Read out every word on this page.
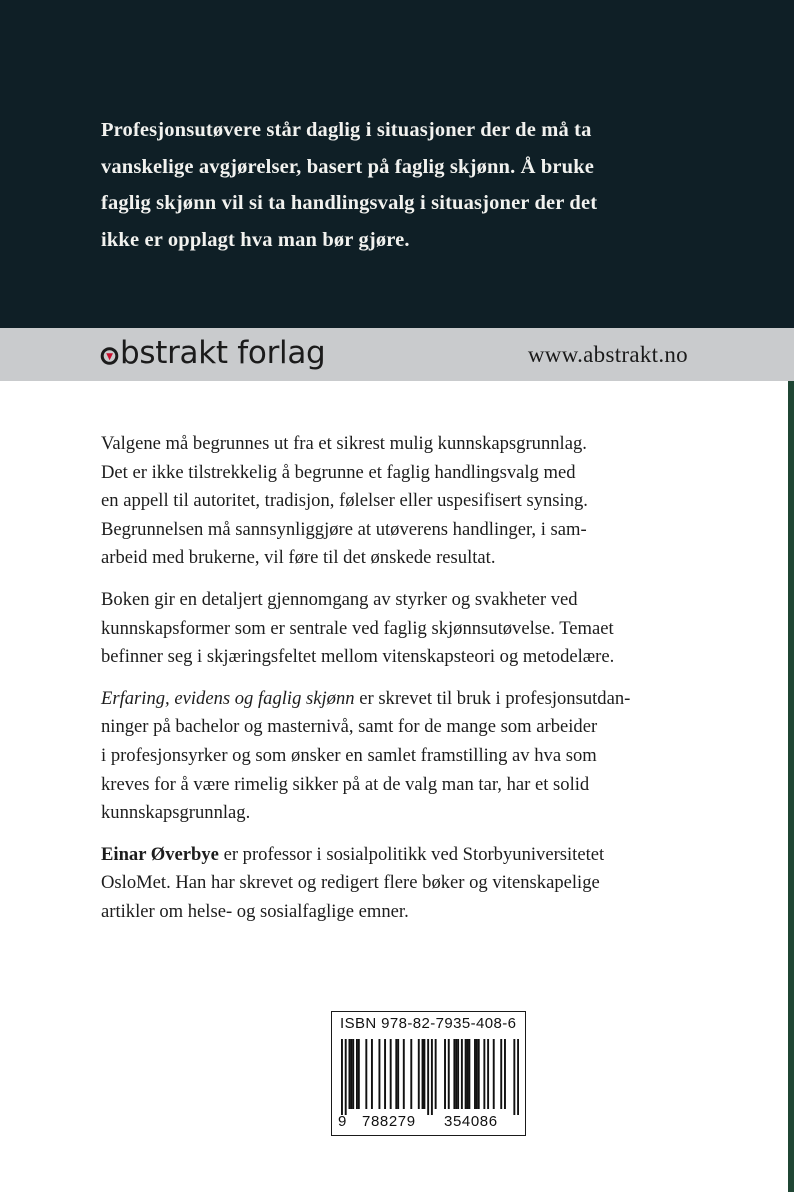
Profesjonsutøvere står daglig i situasjoner der de må ta
vanskelige avgjørelser, basert på faglig skjønn. Å bruke
faglig skjønn vil si ta handlingsvalg i situasjoner der det
ikke er opplagt hva man bør gjøre.
bstrakt forlag	www.abstrakt.no

Valgene må begrunnes ut fra et sikrest mulig kunnskapsgrunnlag.
Det er ikke tilstrekkelig å begrunne et faglig handlingsvalg med
en appell til autoritet, tradisjon, følelser eller uspesifisert synsing.
Begrunnelsen må sannsynliggjøre at utøverens handlinger, i sam-
arbeid med brukerne, vil føre til det ønskede resultat.

Boken gir en detaljert gjennomgang av styrker og svakheter ved
kunnskapsformer som er sentrale ved faglig skjønnsutøvelse. Temaet
befinner seg i skjæringsfeltet mellom vitenskapsteori og metodelære.

Erfaring, evidens og faglig skjønn er skrevet til bruk i profesjonsutdan-
ninger på bachelor og masternivå, samt for de mange som arbeider
i profesjonsyrker og som ønsker en samlet framstilling av hva som
kreves for å være rimelig sikker på at de valg man tar, har et solid
kunnskapsgrunnlag.

Einar Øverbye er professor i sosialpolitikk ved Storbyuniversitetet
OsloMet. Han har skrevet og redigert flere bøker og vitenskapelige
artikler om helse- og sosialfaglige emner.

ISBN 978-82-7935-408-6
9 788279 354086
